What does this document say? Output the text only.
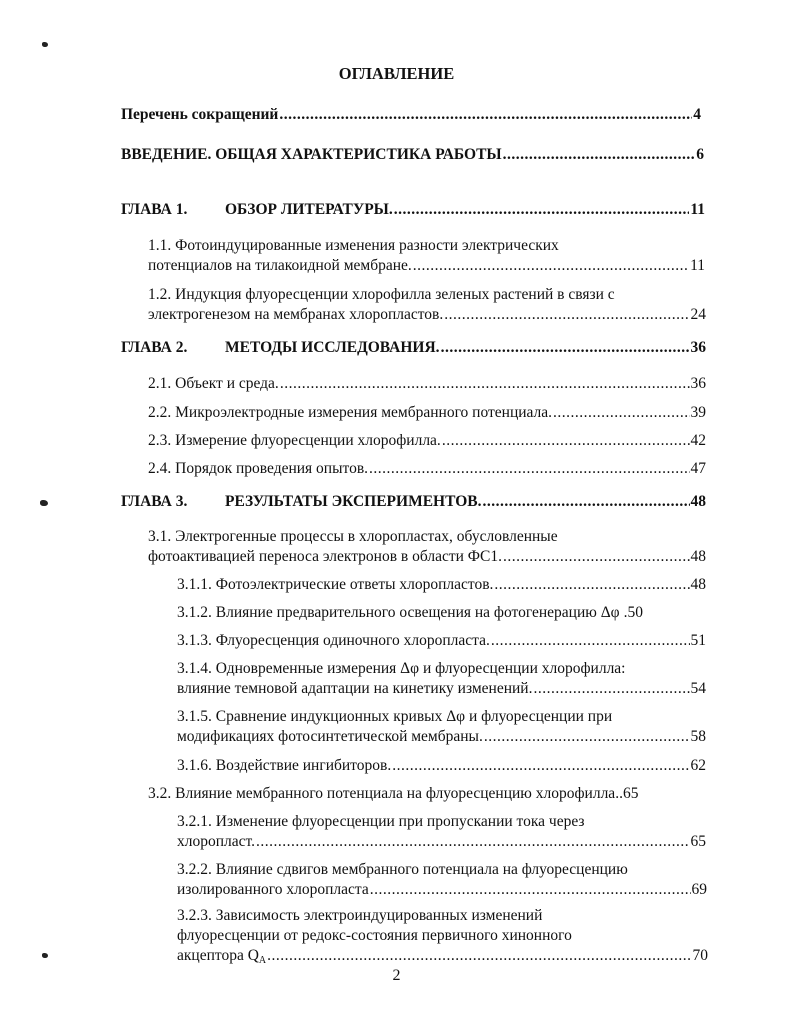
ОГЛАВЛЕНИЕ
Перечень сокращений .....	4
ВВЕДЕНИЕ. ОБЩАЯ ХАРАКТЕРИСТИКА РАБОТЫ .....	6
ГЛАВА 1. ОБЗОР ЛИТЕРАТУРЫ. .....	11
1.1. Фотоиндуцированные изменения разности электрических
потенциалов на тилакоидной мембране. .....	11
1.2. Индукция флуоресценции хлорофилла зеленых растений в связи с
электрогенезом на мембранах хлоропластов. .....	24
ГЛАВА 2. МЕТОДЫ ИССЛЕДОВАНИЯ. .....	36
2.1. Объект и среда. .....	36
2.2. Микроэлектродные измерения мембранного потенциала. .....	39
2.3. Измерение флуоресценции хлорофилла. .....	42
2.4. Порядок проведения опытов. .....	47
ГЛАВА 3. РЕЗУЛЬТАТЫ ЭКСПЕРИМЕНТОВ. .....	48
3.1. Электрогенные процессы в хлоропластах, обусловленные
фотоактивацией переноса электронов в области ФС1. .....	48
3.1.1. Фотоэлектрические ответы хлоропластов. .....	48
3.1.2. Влияние предварительного освещения на фотогенерацию Δφ .50
3.1.3. Флуоресценция одиночного хлоропласта. .....	51
3.1.4. Одновременные измерения Δφ и флуоресценции хлорофилла:
влияние темновой адаптации на кинетику изменений. .....	54
3.1.5. Сравнение индукционных кривых Δφ и флуоресценции при
модификациях фотосинтетической мембраны. .....	58
3.1.6. Воздействие ингибиторов. .....	62
3.2. Влияние мембранного потенциала на флуоресценцию хлорофилла ..65
3.2.1. Изменение флуоресценции при пропускании тока через
хлоропласт. .....	65
3.2.2. Влияние сдвигов мембранного потенциала на флуоресценцию
изолированного хлоропласта .....	69
3.2.3. Зависимость электроиндуцированных изменений
флуоресценции от редокс-состояния первичного хинонного
акцептора $Q_A$ .....	70
2
